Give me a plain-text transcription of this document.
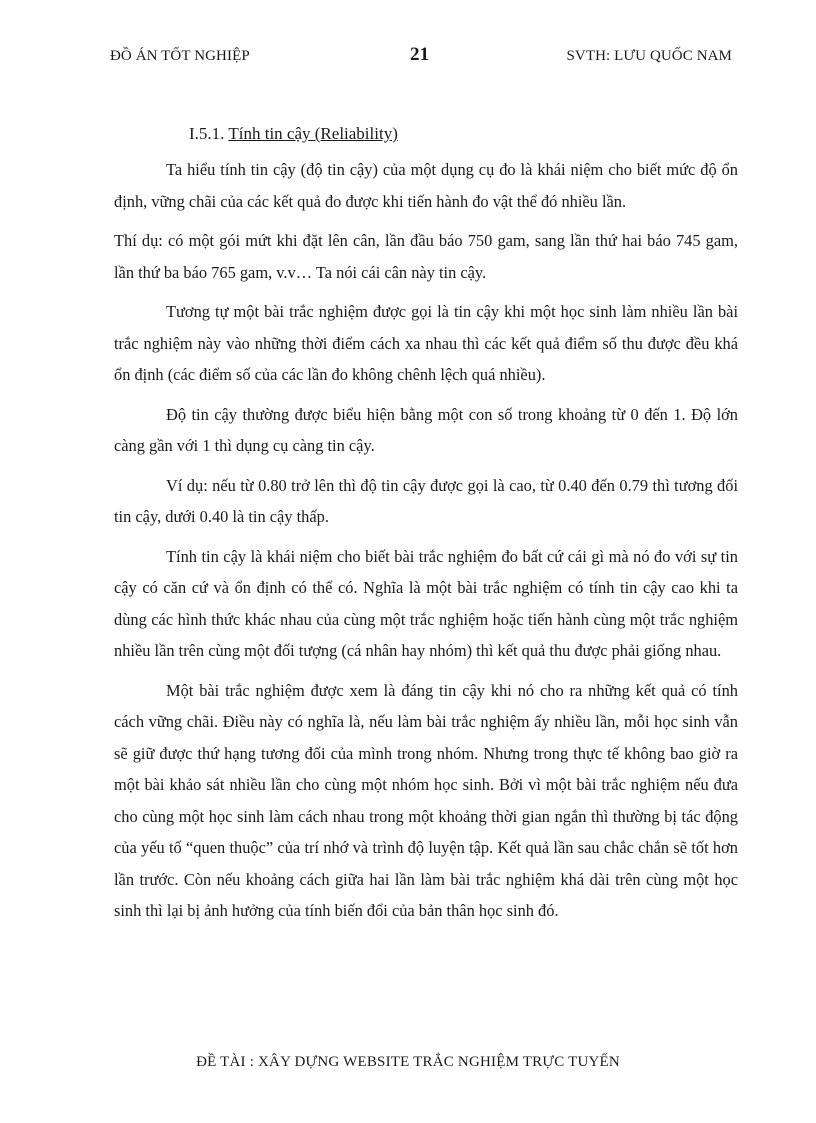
ĐỒ ÁN TỐT NGHIỆP	21	SVTH: LƯU QUỐC NAM
I.5.1. Tính tin cậy (Reliability)

Ta hiểu tính tin cậy (độ tin cậy) của một dụng cụ đo là khái niệm cho biết mức độ ổn định, vững chãi của các kết quả đo được khi tiến hành đo vật thể đó nhiều lần.

Thí dụ: có một gói mứt khi đặt lên cân, lần đầu báo 750 gam, sang lần thứ hai báo 745 gam, lần thứ ba báo 765 gam, v.v… Ta nói cái cân này tin cậy.

Tương tự một bài trắc nghiệm được gọi là tin cậy khi một học sinh làm nhiều lần bài trắc nghiệm này vào những thời điểm cách xa nhau thì các kết quả điểm số thu được đều khá ổn định (các điểm số của các lần đo không chênh lệch quá nhiều).

Độ tin cậy thường được biểu hiện bằng một con số trong khoảng từ 0 đến 1. Độ lớn càng gần với 1 thì dụng cụ càng tin cậy.

Ví dụ: nếu từ 0.80 trở lên thì độ tin cậy được gọi là cao, từ 0.40 đến 0.79 thì tương đối tin cậy, dưới 0.40 là tin cậy thấp.

Tính tin cậy là khái niệm cho biết bài trắc nghiệm đo bất cứ cái gì mà nó đo với sự tin cậy có căn cứ và ổn định có thể có. Nghĩa là một bài trắc nghiệm có tính tin cậy cao khi ta dùng các hình thức khác nhau của cùng một trắc nghiệm hoặc tiến hành cùng một trắc nghiệm nhiều lần trên cùng một đối tượng (cá nhân hay nhóm) thì kết quả thu được phải giống nhau.

Một bài trắc nghiệm được xem là đáng tin cậy khi nó cho ra những kết quả có tính cách vững chãi. Điều này có nghĩa là, nếu làm bài trắc nghiệm ấy nhiều lần, mỗi học sinh vẫn sẽ giữ được thứ hạng tương đối của mình trong nhóm. Nhưng trong thực tế không bao giờ ra một bài khảo sát nhiều lần cho cùng một nhóm học sinh. Bởi vì một bài trắc nghiệm nếu đưa cho cùng một học sinh làm cách nhau trong một khoảng thời gian ngắn thì thường bị tác động của yếu tố “quen thuộc” của trí nhớ và trình độ luyện tập. Kết quả lần sau chắc chắn sẽ tốt hơn lần trước. Còn nếu khoảng cách giữa hai lần làm bài trắc nghiệm khá dài trên cùng một học sinh thì lại bị ảnh hưởng của tính biến đổi của bản thân học sinh đó.

ĐỀ TÀI : XÂY DỰNG WEBSITE TRẮC NGHIỆM TRỰC TUYẾN
